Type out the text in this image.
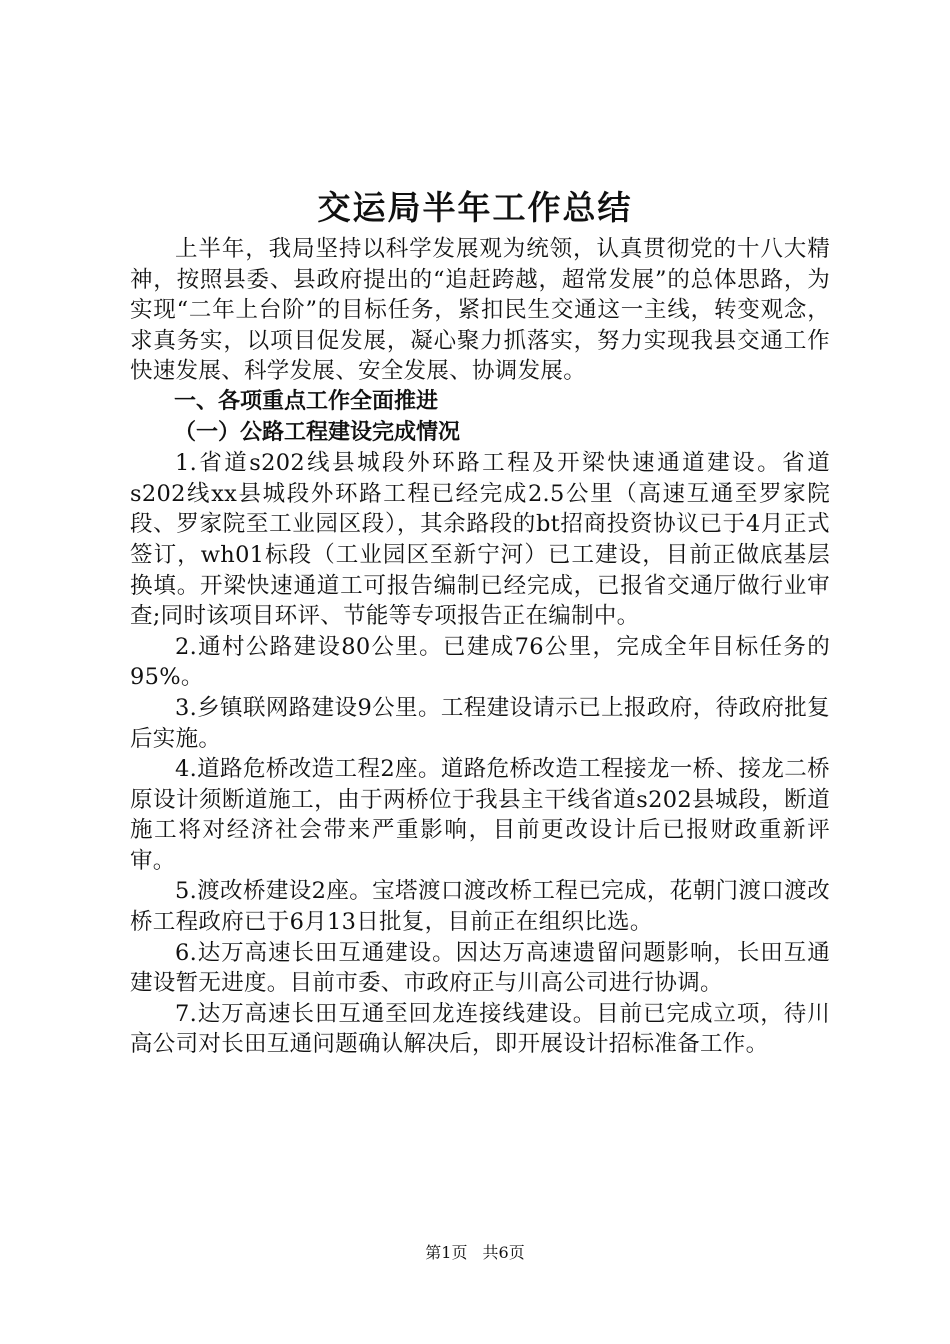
交运局半年工作总结

上半年，我局坚持以科学发展观为统领，认真贯彻党的十八大精神，按照县委、县政府提出的“追赶跨越，超常发展”的总体思路，为实现“二年上台阶”的目标任务，紧扣民生交通这一主线，转变观念，求真务实，以项目促发展，凝心聚力抓落实，努力实现我县交通工作快速发展、科学发展、安全发展、协调发展。

一、各项重点工作全面推进

（一）公路工程建设完成情况

1.省道s202线县城段外环路工程及开梁快速通道建设。省道s202线xx县城段外环路工程已经完成2.5公里（高速互通至罗家院段、罗家院至工业园区段），其余路段的bt招商投资协议已于4月正式签订，wh01标段（工业园区至新宁河）已工建设，目前正做底基层换填。开梁快速通道工可报告编制已经完成，已报省交通厅做行业审查;同时该项目环评、节能等专项报告正在编制中。

2.通村公路建设80公里。已建成76公里，完成全年目标任务的95%。

3.乡镇联网路建设9公里。工程建设请示已上报政府，待政府批复后实施。

4.道路危桥改造工程2座。道路危桥改造工程接龙一桥、接龙二桥原设计须断道施工，由于两桥位于我县主干线省道s202县城段，断道施工将对经济社会带来严重影响，目前更改设计后已报财政重新评审。

5.渡改桥建设2座。宝塔渡口渡改桥工程已完成，花朝门渡口渡改桥工程政府已于6月13日批复，目前正在组织比选。

6.达万高速长田互通建设。因达万高速遗留问题影响，长田互通建设暂无进度。目前市委、市政府正与川高公司进行协调。

7.达万高速长田互通至回龙连接线建设。目前已完成立项，待川高公司对长田互通问题确认解决后，即开展设计招标准备工作。

第1页 共6页
